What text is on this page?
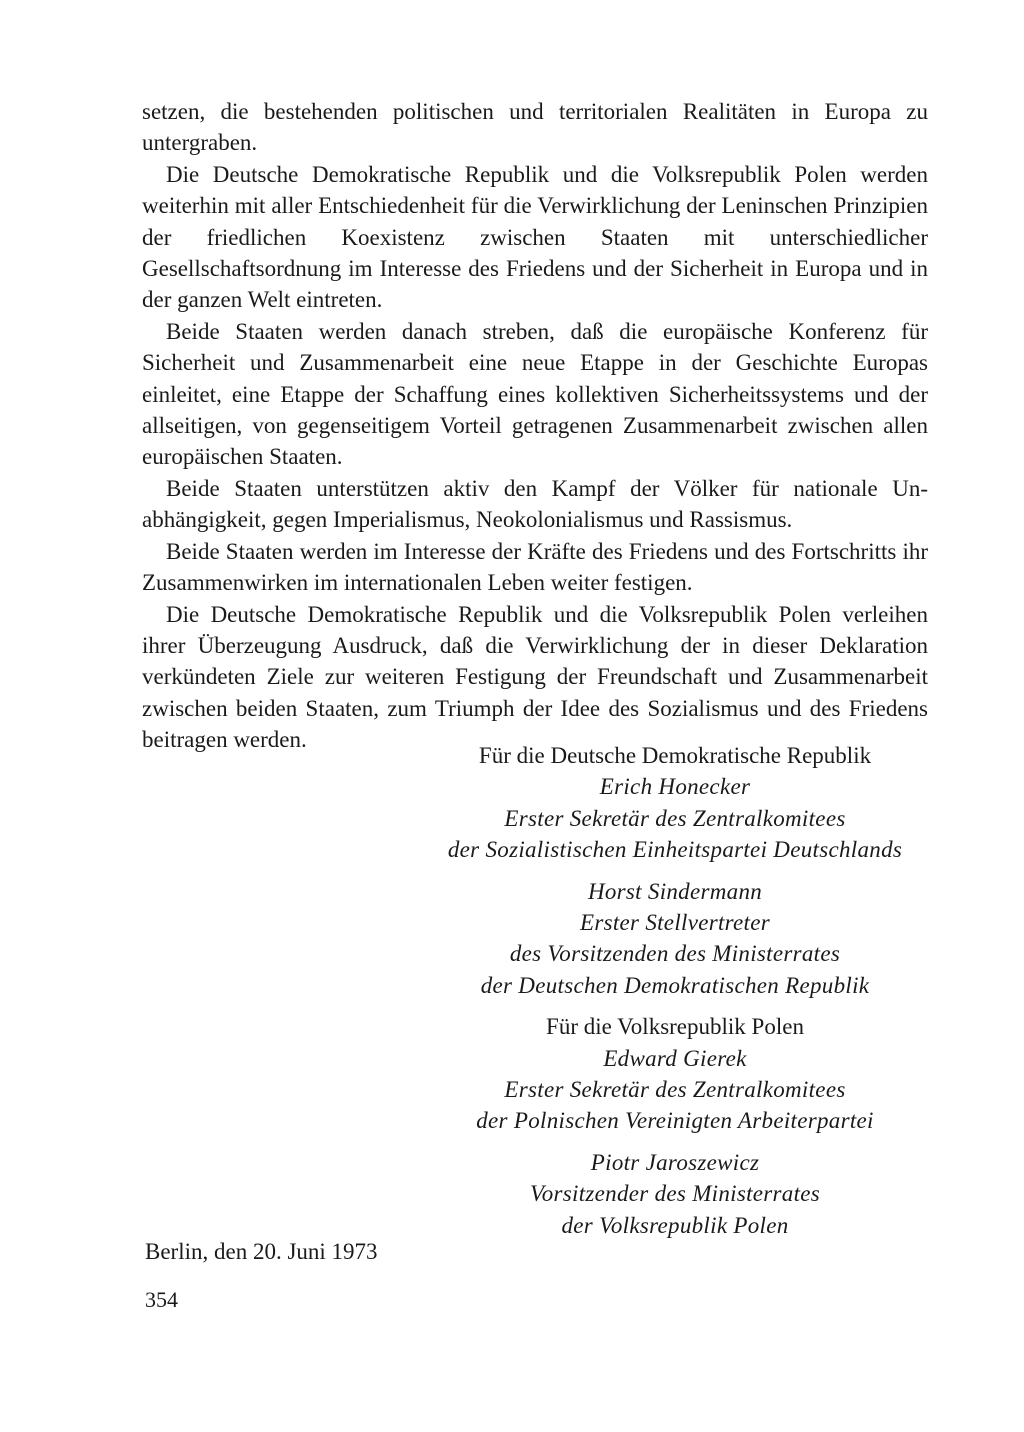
setzen, die bestehenden politischen und territorialen Realitäten in Europa zu untergraben.

Die Deutsche Demokratische Republik und die Volksrepublik Polen werden weiterhin mit aller Entschiedenheit für die Verwirklichung der Leninschen Prinzipien der friedlichen Koexistenz zwischen Staaten mit unterschiedlicher Gesellschaftsordnung im Interesse des Friedens und der Sicherheit in Europa und in der ganzen Welt eintreten.

Beide Staaten werden danach streben, daß die europäische Konferenz für Sicherheit und Zusammenarbeit eine neue Etappe in der Geschichte Europas einleitet, eine Etappe der Schaffung eines kollektiven Sicherheitssystems und der allseitigen, von gegenseitigem Vorteil getragenen Zusammenarbeit zwischen allen europäischen Staaten.

Beide Staaten unterstützen aktiv den Kampf der Völker für nationale Unabhängigkeit, gegen Imperialismus, Neokolonialismus und Rassismus.

Beide Staaten werden im Interesse der Kräfte des Friedens und des Fortschritts ihr Zusammenwirken im internationalen Leben weiter festigen.

Die Deutsche Demokratische Republik und die Volksrepublik Polen verleihen ihrer Überzeugung Ausdruck, daß die Verwirklichung der in dieser Deklaration verkündeten Ziele zur weiteren Festigung der Freundschaft und Zusammenarbeit zwischen beiden Staaten, zum Triumph der Idee des Sozialismus und des Friedens beitragen werden.

Für die Deutsche Demokratische Republik
Erich Honecker
Erster Sekretär des Zentralkomitees
der Sozialistischen Einheitspartei Deutschlands
Horst Sindermann
Erster Stellvertreter
des Vorsitzenden des Ministerrates
der Deutschen Demokratischen Republik
Für die Volksrepublik Polen
Edward Gierek
Erster Sekretär des Zentralkomitees
der Polnischen Vereinigten Arbeiterpartei
Piotr Jaroszewicz
Vorsitzender des Ministerrates
der Volksrepublik Polen
Berlin, den 20. Juni 1973
354
